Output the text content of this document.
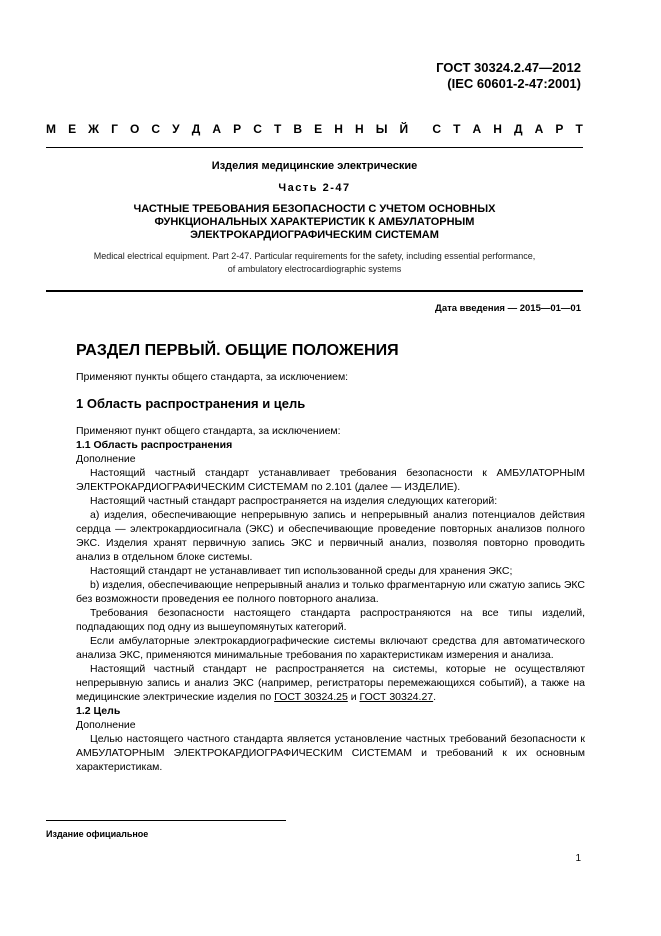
ГОСТ 30324.2.47—2012
(IEC 60601-2-47:2001)
М Е Ж Г О С У Д А Р С Т В Е Н Н Ы Й С Т А Н Д А Р Т
Изделия медицинские электрические
Часть 2-47
ЧАСТНЫЕ ТРЕБОВАНИЯ БЕЗОПАСНОСТИ С УЧЕТОМ ОСНОВНЫХ
ФУНКЦИОНАЛЬНЫХ ХАРАКТЕРИСТИК К АМБУЛАТОРНЫМ
ЭЛЕКТРОКАРДИОГРАФИЧЕСКИМ СИСТЕМАМ
Medical electrical equipment. Part 2-47. Particular requirements for the safety, including essential performance,
of ambulatory electrocardiographic systems
Дата введения — 2015—01—01
РАЗДЕЛ ПЕРВЫЙ. ОБЩИЕ ПОЛОЖЕНИЯ

Применяют пункты общего стандарта, за исключением:

1 Область распространения и цель

Применяют пункт общего стандарта, за исключением:

1.1 Область распространения

Дополнение

Настоящий частный стандарт устанавливает требования безопасности к АМБУЛАТОРНЫМ ЭЛЕКТРОКАРДИОГРАФИЧЕСКИМ СИСТЕМАМ по 2.101 (далее — ИЗДЕЛИЕ).

Настоящий частный стандарт распространяется на изделия следующих категорий:

а) изделия, обеспечивающие непрерывную запись и непрерывный анализ потенциалов действия сердца — электрокардиосигнала (ЭКС) и обеспечивающие проведение повторных анализов полного ЭКС. Изделия хранят первичную запись ЭКС и первичный анализ, позволяя повторно проводить анализ в отдельном блоке системы.

Настоящий стандарт не устанавливает тип использованной среды для хранения ЭКС;

b) изделия, обеспечивающие непрерывный анализ и только фрагментарную или сжатую запись ЭКС без возможности проведения ее полного повторного анализа.

Требования безопасности настоящего стандарта распространяются на все типы изделий, подпадающих под одну из вышеупомянутых категорий.

Если амбулаторные электрокардиографические системы включают средства для автоматического анализа ЭКС, применяются минимальные требования по характеристикам измерения и анализа.

Настоящий частный стандарт не распространяется на системы, которые не осуществляют непрерывную запись и анализ ЭКС (например, регистраторы перемежающихся событий), а также на медицинские электрические изделия по ГОСТ 30324.25 и ГОСТ 30324.27.

1.2 Цель

Дополнение

Целью настоящего частного стандарта является установление частных требований безопасности к АМБУЛАТОРНЫМ ЭЛЕКТРОКАРДИОГРАФИЧЕСКИМ СИСТЕМАМ и требований к их основным характеристикам.

Издание официальное
1
